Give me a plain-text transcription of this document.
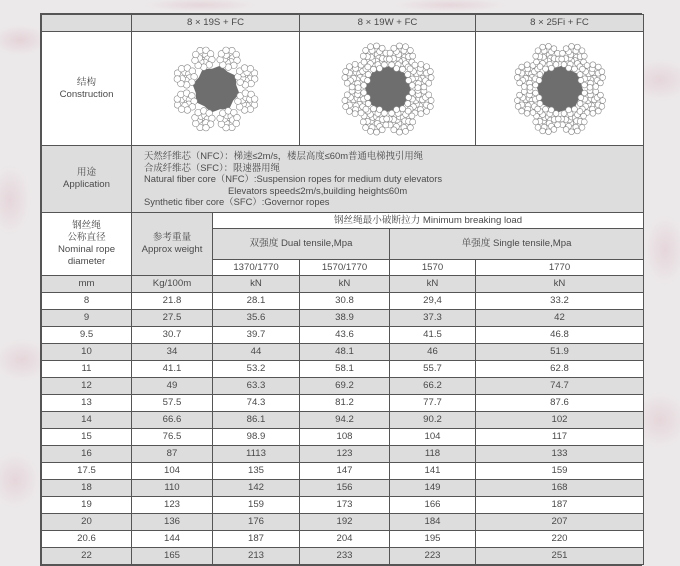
	8 × 19S + FC		8 × 19W + FC		8 × 25Fi + FC

结构
Construction

用途
Application

天然纤维芯（NFC）：梯速≤2m/s，楼层高度≤60m普通电梯拽引用绳
合成纤维芯（SFC）：限速器用绳
Natural fiber core（NFC）:Suspension ropes for medium duty elevators
Elevators speed≤2m/s,building height≤60m
Synthetic fiber core（SFC）:Governor ropes

钢丝绳
公称直径
Nominal rope
diameter

参考重量
Approx weight
	钢丝绳最小破断拉力 Minimum breaking load
		双强度 Dual tensile,Mpa		单强度 Single tensile,Mpa	
		1370/1770	1570/1770	1570	1770
mm	Kg/100m	kN	kN	kN	kN
8	21.8	28.1	30.8	29,4	33.2
9	27.5	35.6	38.9	37.3	42
9.5	30.7	39.7	43.6	41.5	46.8
10	34	44	48.1	46	51.9
11	41.1	53.2	58.1	55.7	62.8
12	49	63.3	69.2	66.2	74.7
13	57.5	74.3	81.2	77.7	87.6
14	66.6	86.1	94.2	90.2	102
15	76.5	98.9	108	104	117
16	87	1113	123	118	133
17.5	104	135	147	141	159
18	110	142	156	149	168
19	123	159	173	166	187
20	136	176	192	184	207
20.6	144	187	204	195	220
22	165	213	233	223	251
